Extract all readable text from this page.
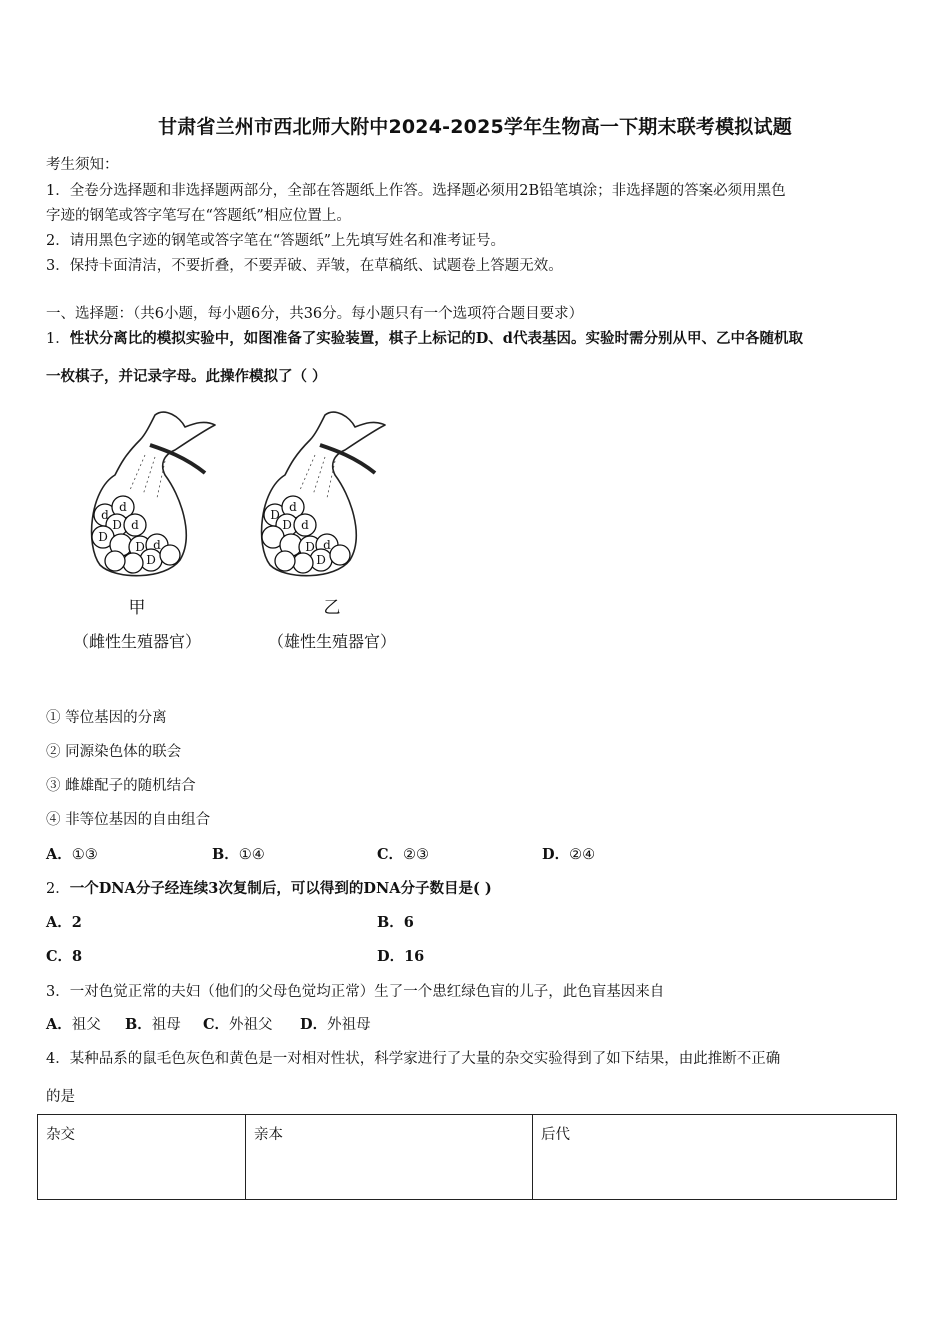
甘肃省兰州市西北师大附中2024-2025学年生物高一下期末联考模拟试题
考生须知：
1．全卷分选择题和非选择题两部分，全部在答题纸上作答。选择题必须用2B铅笔填涂；非选择题的答案必须用黑色
字迹的钢笔或答字笔写在“答题纸”相应位置上。
2．请用黑色字迹的钢笔或答字笔在“答题纸”上先填写姓名和准考证号。
3．保持卡面清洁，不要折叠，不要弄破、弄皱，在草稿纸、试题卷上答题无效。
一、选择题：（共6小题，每小题6分，共36分。每小题只有一个选项符合题目要求）
1．性状分离比的模拟实验中，如图准备了实验装置，棋子上标记的D、d代表基因。实验时需分别从甲、乙中各随机取
一枚棋子，并记录字母。此操作模拟了（ ）
d
d
D d
D
D d
D
D
d
D d
D d
D
甲
（雌性生殖器官）
乙
（雄性生殖器官）
① 等位基因的分离
② 同源染色体的联会
③ 雌雄配子的随机结合
④ 非等位基因的自由组合
A．①③	B．①④	C．②③	D．②④
2．一个DNA分子经连续3次复制后，可以得到的DNA分子数目是( )
A．2	B．6
C．8	D．16
3．一对色觉正常的夫妇（他们的父母色觉均正常）生了一个患红绿色盲的儿子，此色盲基因来自
A．祖父 B．祖母 C．外祖父 D．外祖母
4．某种品系的鼠毛色灰色和黄色是一对相对性状，科学家进行了大量的杂交实验得到了如下结果，由此推断不正确
的是
杂交	亲本	后代
